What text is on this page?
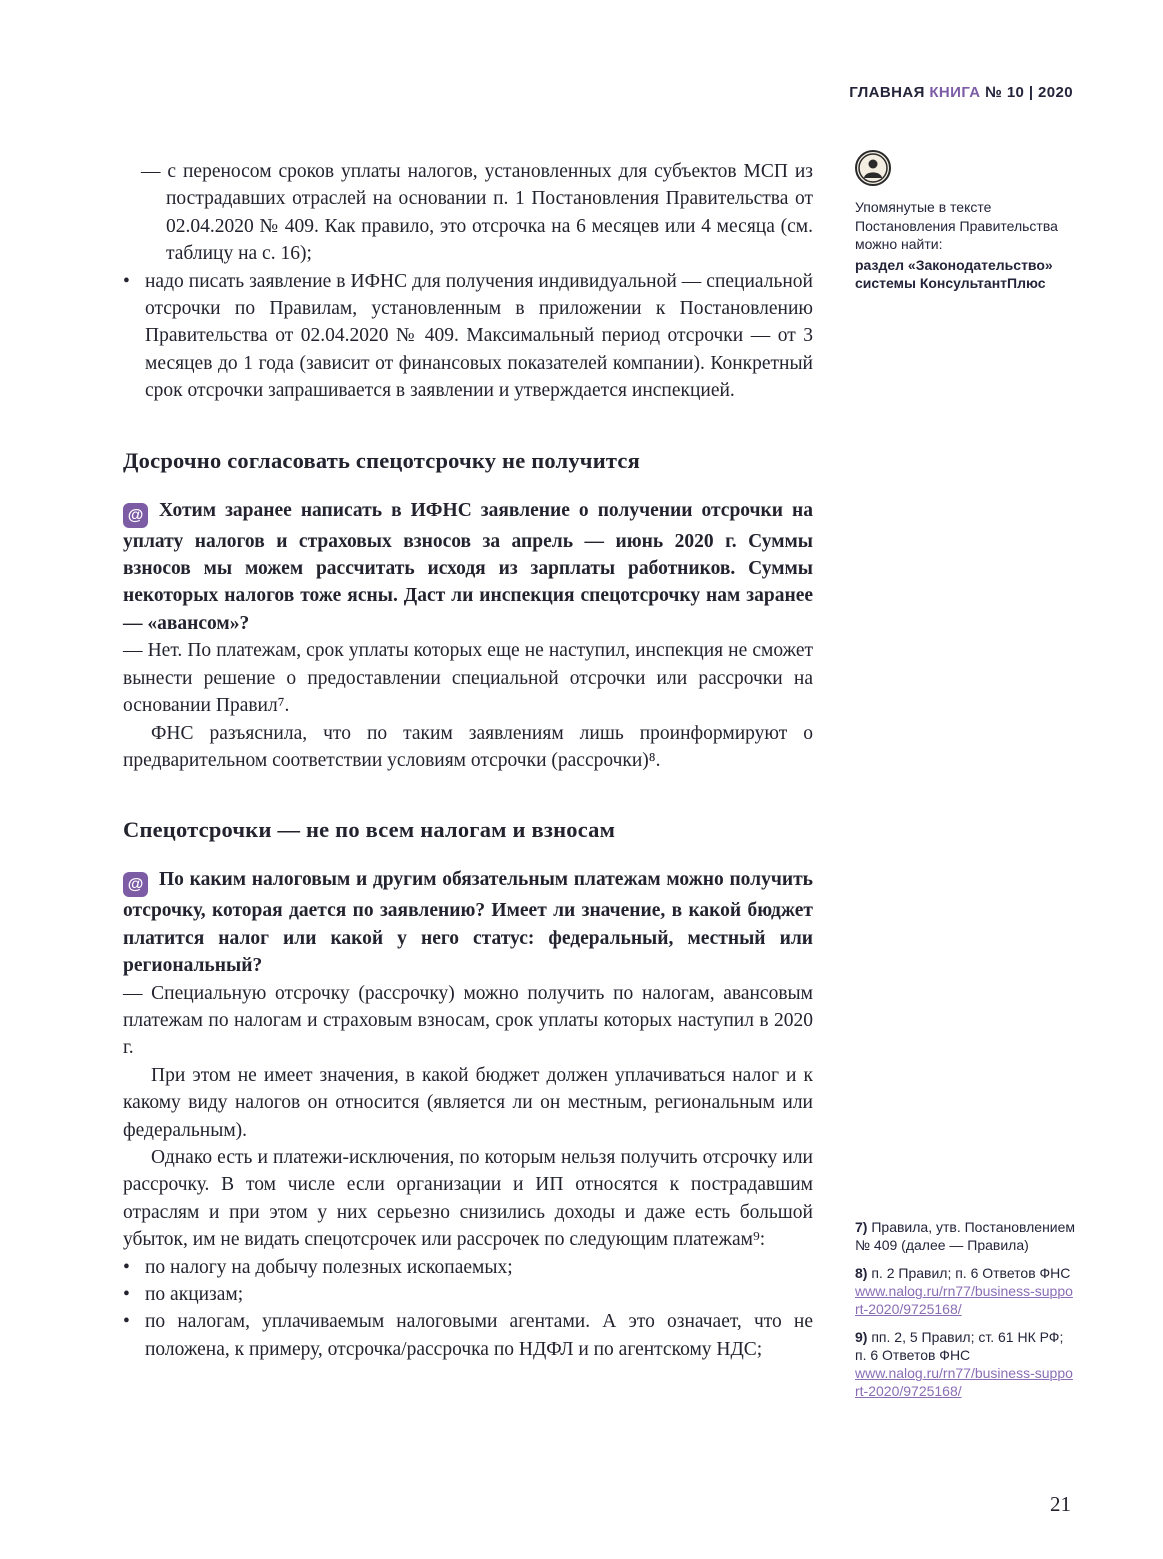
ГЛАВНАЯ КНИГА № 10 | 2020

— с переносом сроков уплаты налогов, установленных для субъектов МСП из пострадавших отраслей на основании п. 1 Постановления Правительства от 02.04.2020 № 409. Как правило, это отсрочка на 6 месяцев или 4 месяца (см. таблицу на с. 16);

• надо писать заявление в ИФНС для получения индивидуальной — специальной отсрочки по Правилам, установленным в приложении к Постановлению Правительства от 02.04.2020 № 409. Максимальный период отсрочки — от 3 месяцев до 1 года (зависит от финансовых показателей компании). Конкретный срок отсрочки запрашивается в заявлении и утверждается инспекцией.
Досрочно согласовать спецотсрочку не получится

@ Хотим заранее написать в ИФНС заявление о получении отсрочки на уплату налогов и страховых взносов за апрель — июнь 2020 г. Суммы взносов мы можем рассчитать исходя из зарплаты работников. Суммы некоторых налогов тоже ясны. Даст ли инспекция спецотсрочку нам заранее — «авансом»?

— Нет. По платежам, срок уплаты которых еще не наступил, инспекция не сможет вынести решение о предоставлении специальной отсрочки или рассрочки на основании Правил⁷.

ФНС разъяснила, что по таким заявлениям лишь проинформируют о предварительном соответствии условиям отсрочки (рассрочки)⁸.

Спецотсрочки — не по всем налогам и взносам

@ По каким налоговым и другим обязательным платежам можно получить отсрочку, которая дается по заявлению? Имеет ли значение, в какой бюджет платится налог или какой у него статус: федеральный, местный или региональный?

— Специальную отсрочку (рассрочку) можно получить по налогам, авансовым платежам по налогам и страховым взносам, срок уплаты которых наступил в 2020 г.

При этом не имеет значения, в какой бюджет должен уплачиваться налог и к какому виду налогов он относится (является ли он местным, региональным или федеральным).

Однако есть и платежи-исключения, по которым нельзя получить отсрочку или рассрочку. В том числе если организации и ИП относятся к пострадавшим отраслям и при этом у них серьезно снизились доходы и даже есть большой убыток, им не видать спецотсрочек или рассрочек по следующим платежам⁹:

• по налогу на добычу полезных ископаемых;
• по акцизам;
• по налогам, уплачиваемым налоговыми агентами. А это означает, что не положена, к примеру, отсрочка/рассрочка по НДФЛ и по агентскому НДС;
Упомянутые в тексте Постановления Правительства можно найти:
раздел «Законодательство» системы КонсультантПлюс
7) Правила, утв. Постановлением № 409 (далее — Правила)
8) п. 2 Правил; п. 6 Ответов ФНС
www.nalog.ru/rn77/business-support-2020/9725168/
9) пп. 2, 5 Правил; ст. 61 НК РФ; п. 6 Ответов ФНС
www.nalog.ru/rn77/business-support-2020/9725168/
21
